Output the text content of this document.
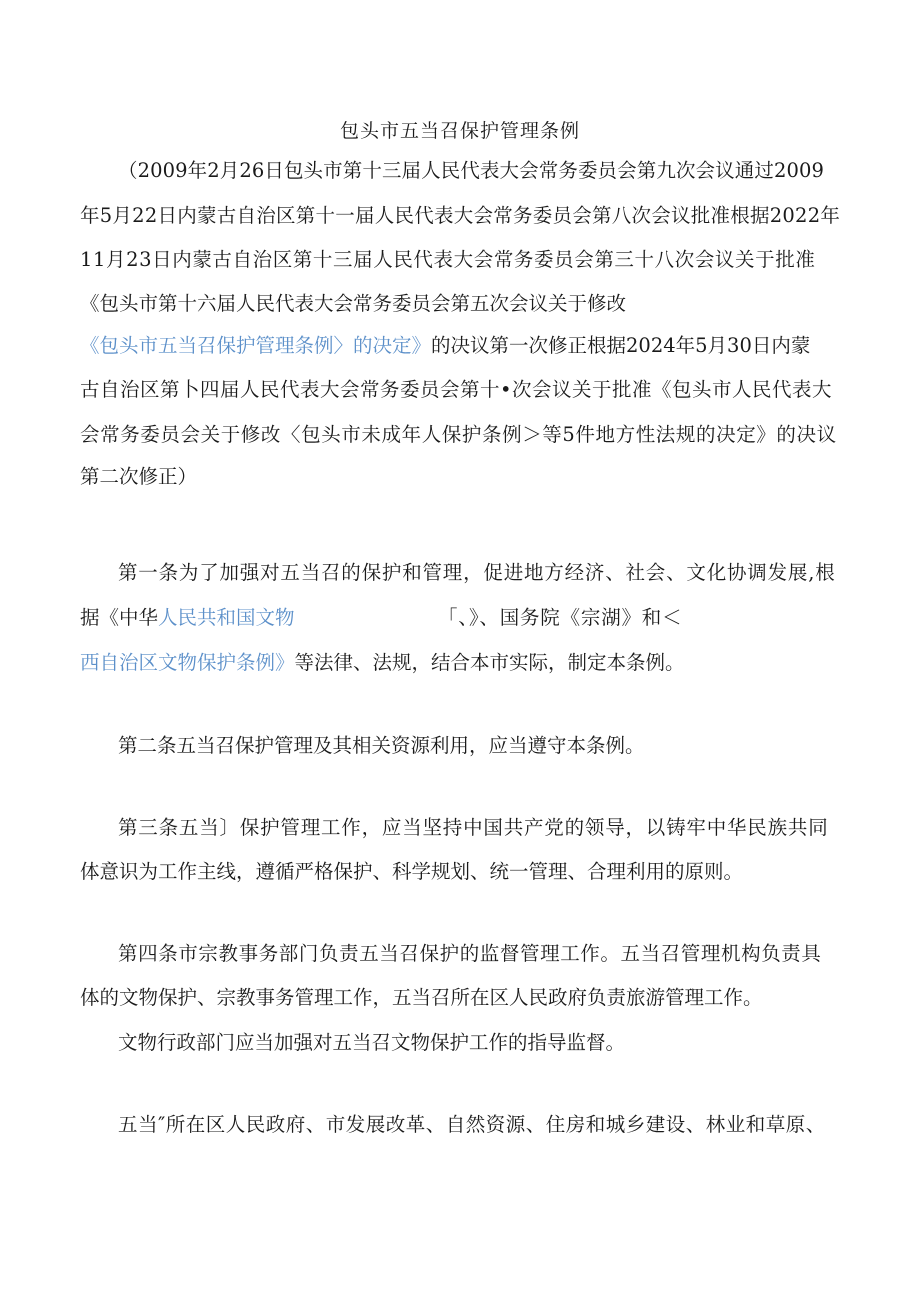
包头市五当召保护管理条例
（2009年2月26日包头市第十三届人民代表大会常务委员会第九次会议通过2009
年5月22日内蒙古自治区第十一届人民代表大会常务委员会第八次会议批准根据2022年
11月23日内蒙古自治区第十三届人民代表大会常务委员会第三十八次会议关于批准
《包头市第十六届人民代表大会常务委员会第五次会议关于修改
《包头市五当召保护管理条例〉的决定》的决议第一次修正根据2024年5月30日内蒙
古自治区第卜四届人民代表大会常务委员会第十•次会议关于批准《包头市人民代表大
会常务委员会关于修改〈包头市未成年人保护条例＞等5件地方性法规的决定》的决议
第二次修正）
第一条为了加强对五当召的保护和管理，促进地方经济、社会、文化协调发展,根
据《中华 人民共和国文物	「、》、国务院《宗湖》和＜
西自治区文物保护条例》等法律、法规，结合本市实际，制定本条例。
第二条五当召保护管理及其相关资源利用，应当遵守本条例。
第三条五当〕保护管理工作，应当坚持中国共产党的领导，以铸牢中华民族共同
体意识为工作主线，遵循严格保护、科学规划、统一管理、合理利用的原则。
第四条市宗教事务部门负责五当召保护的监督管理工作。五当召管理机构负责具
体的文物保护、宗教事务管理工作，五当召所在区人民政府负责旅游管理工作。
文物行政部门应当加强对五当召文物保护工作的指导监督。
五当″所在区人民政府、市发展改革、自然资源、住房和城乡建设、林业和草原、
